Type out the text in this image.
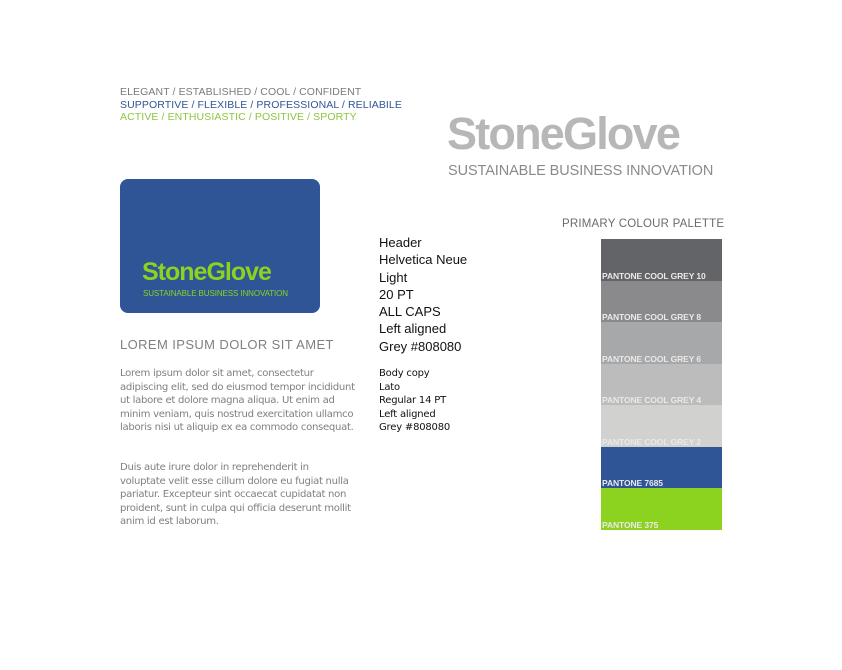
ELEGANT / ESTABLISHED / COOL / CONFIDENT
SUPPORTIVE / FLEXIBLE / PROFESSIONAL / RELIABILE
ACTIVE / ENTHUSIASTIC / POSITIVE / SPORTY StoneGlove
SUSTAINABLE BUSINESS INNOVATION
StoneGlove
SUSTAINABLE BUSINESS INNOVATION
LOREM IPSUM DOLOR SIT AMET
Lorem ipsum dolor sit amet, consectetur adipiscing elit, sed do eiusmod tempor incididunt ut labore et dolore magna aliqua. Ut enim ad minim veniam, quis nostrud exercitation ullamco laboris nisi ut aliquip ex ea commodo consequat.
Duis aute irure dolor in reprehenderit in voluptate velit esse cillum dolore eu fugiat nulla pariatur. Excepteur sint occaecat cupidatat non proident, sunt in culpa qui officia deserunt mollit anim id est laborum.
Header
Helvetica Neue
Light
20 PT
ALL CAPS
Left aligned
Grey #808080
Body copy
Lato
Regular 14 PT
Left aligned
Grey #808080
PRIMARY COLOUR PALETTE
PANTONE COOL GREY 10
PANTONE COOL GREY 8
PANTONE COOL GREY 6
PANTONE COOL GREY 4
PANTONE COOL GREY 2
PANTONE 7685
PANTONE 375
